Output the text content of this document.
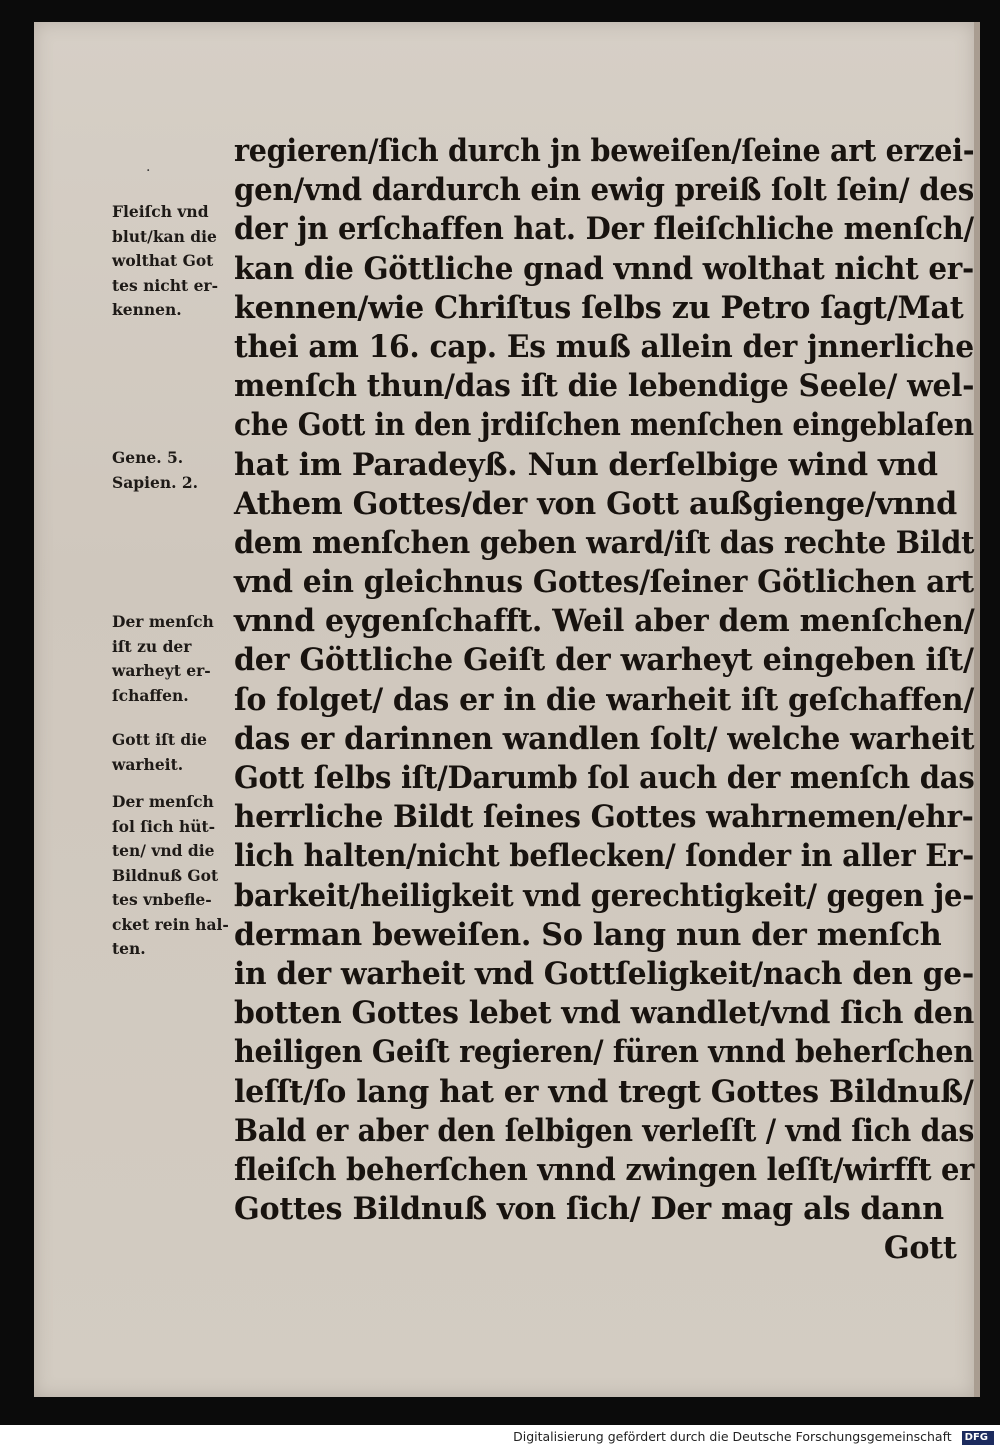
.
Fleiſch vnd
blut/kan die
wolthat Got
tes nicht er-
kennen.
Gene. 5.
Sapien. 2.
Der menſch
iſt zu der
warheyt er-
ſchaffen.
Gott iſt die
warheit.
Der menſch
ſol ſich hüt-
ten/ vnd die
Bildnuß Got
tes vnbefle-
cket rein hal-
ten.
regieren/ſich durch jn beweiſen/ſeine art erzei-
gen/vnd dardurch ein ewig preiß ſolt ſein/ des
der jn erſchaffen hat. Der fleiſchliche menſch/
kan die Göttliche gnad vnnd wolthat nicht er-
kennen/wie Chriſtus ſelbs zu Petro ſagt/Mat
thei am 16. cap. Es muß allein der jnnerliche
menſch thun/das iſt die lebendige Seele/ wel-
che Gott in den jrdiſchen menſchen eingeblaſen
hat im Paradeyß. Nun derſelbige wind vnd
Athem Gottes/der von Gott außgienge/vnnd
dem menſchen geben ward/iſt das rechte Bildt
vnd ein gleichnus Gottes/ſeiner Götlichen art
vnnd eygenſchafft. Weil aber dem menſchen/
der Göttliche Geiſt der warheyt eingeben iſt/
ſo folget/ das er in die warheit iſt geſchaffen/
das er darinnen wandlen ſolt/ welche warheit
Gott ſelbs iſt/Darumb ſol auch der menſch das
herrliche Bildt ſeines Gottes wahrnemen/ehr-
lich halten/nicht beflecken/ ſonder in aller Er-
barkeit/heiligkeit vnd gerechtigkeit/ gegen je-
derman beweiſen. So lang nun der menſch
in der warheit vnd Gottſeligkeit/nach den ge-
botten Gottes lebet vnd wandlet/vnd ſich den
heiligen Geiſt regieren/ füren vnnd beherſchen
leſſt/ſo lang hat er vnd tregt Gottes Bildnuß/
Bald er aber den ſelbigen verleſſt / vnd ſich das
fleiſch beherſchen vnnd zwingen leſſt/wirfft er
Gottes Bildnuß von ſich/ Der mag als dann
Gott
Digitalisierung gefördert durch die Deutsche Forschungsgemeinschaft DFG
